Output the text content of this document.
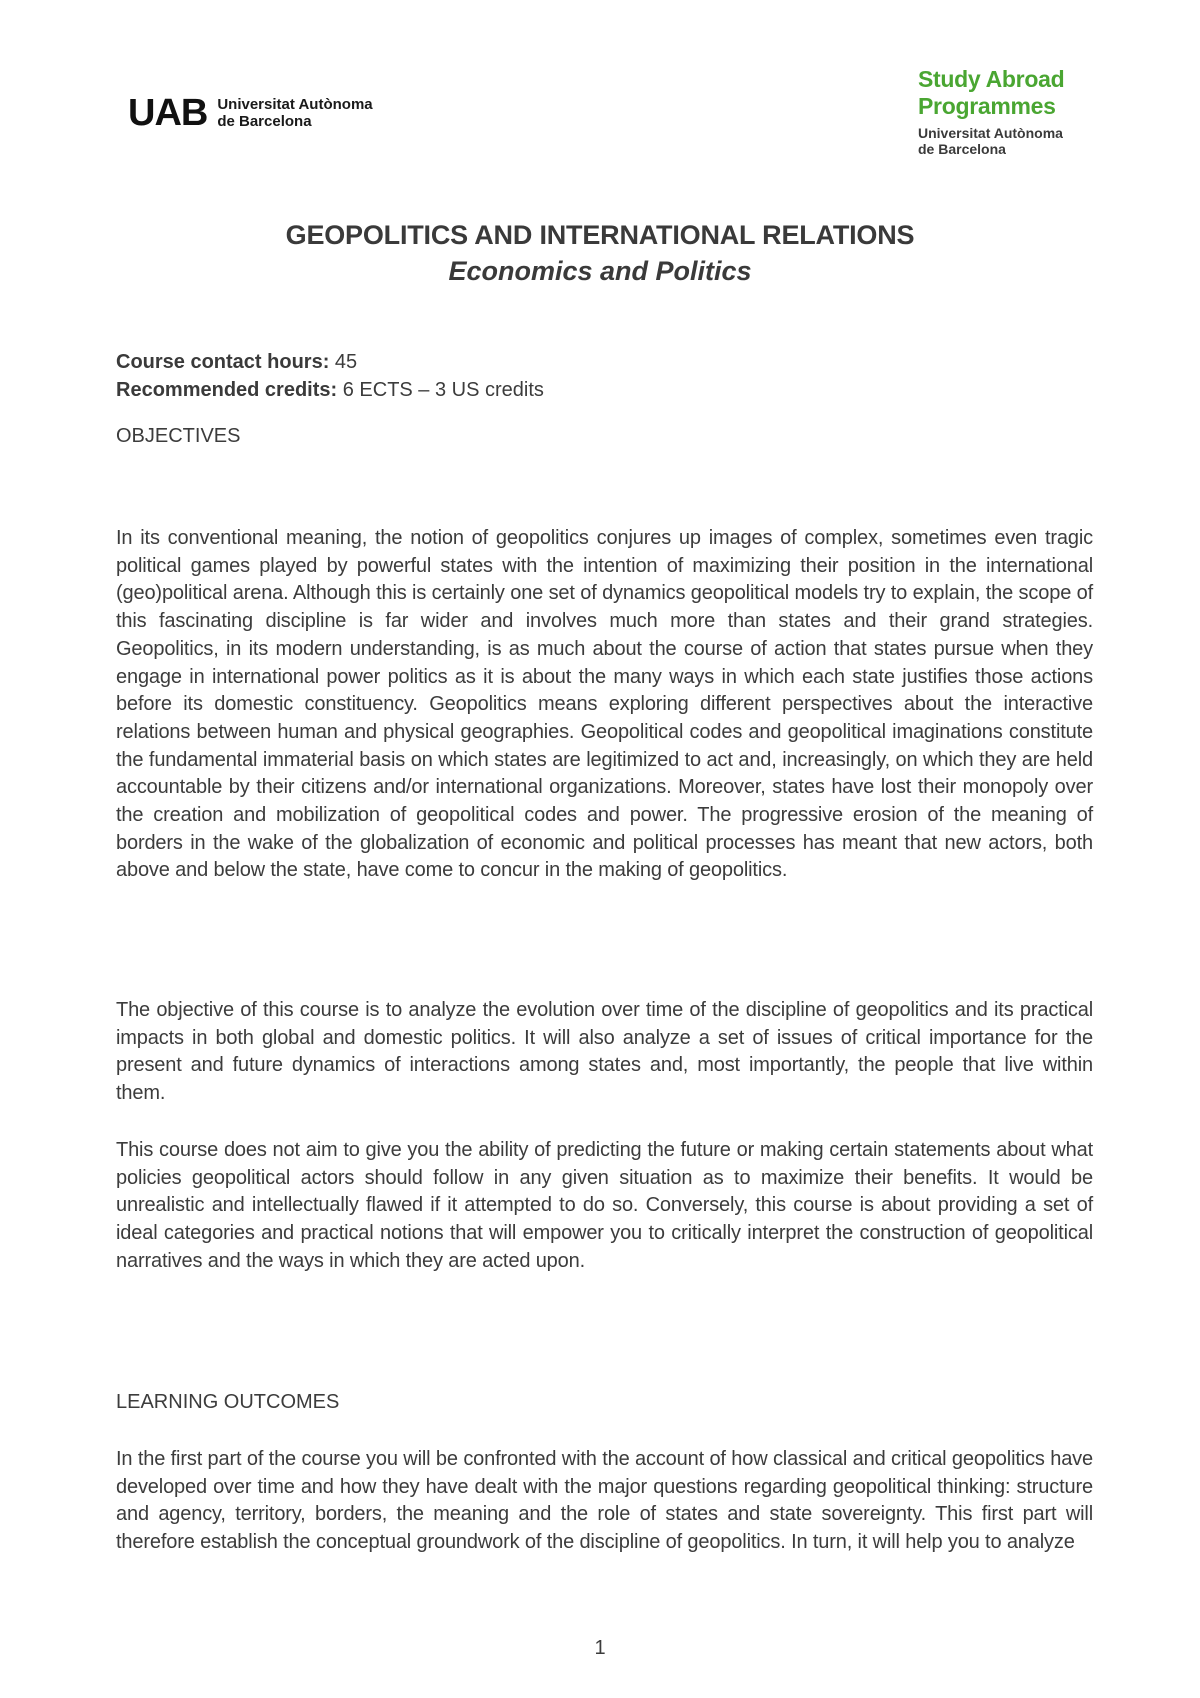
UAB Universitat Autònoma
de Barcelona
Study Abroad
Programmes
Universitat Autònoma
de Barcelona
GEOPOLITICS AND INTERNATIONAL RELATIONS
Economics and Politics
Course contact hours: 45
Recommended credits: 6 ECTS – 3 US credits

OBJECTIVES

In its conventional meaning, the notion of geopolitics conjures up images of complex, sometimes even tragic political games played by powerful states with the intention of maximizing their position in the international (geo)political arena. Although this is certainly one set of dynamics geopolitical models try to explain, the scope of this fascinating discipline is far wider and involves much more than states and their grand strategies. Geopolitics, in its modern understanding, is as much about the course of action that states pursue when they engage in international power politics as it is about the many ways in which each state justifies those actions before its domestic constituency. Geopolitics means exploring different perspectives about the interactive relations between human and physical geographies. Geopolitical codes and geopolitical imaginations constitute the fundamental immaterial basis on which states are legitimized to act and, increasingly, on which they are held accountable by their citizens and/or international organizations. Moreover, states have lost their monopoly over the creation and mobilization of geopolitical codes and power. The progressive erosion of the meaning of borders in the wake of the globalization of economic and political processes has meant that new actors, both above and below the state, have come to concur in the making of geopolitics.

The objective of this course is to analyze the evolution over time of the discipline of geopolitics and its practical impacts in both global and domestic politics. It will also analyze a set of issues of critical importance for the present and future dynamics of interactions among states and, most importantly, the people that live within them.

This course does not aim to give you the ability of predicting the future or making certain statements about what policies geopolitical actors should follow in any given situation as to maximize their benefits. It would be unrealistic and intellectually flawed if it attempted to do so. Conversely, this course is about providing a set of ideal categories and practical notions that will empower you to critically interpret the construction of geopolitical narratives and the ways in which they are acted upon.

LEARNING OUTCOMES

In the first part of the course you will be confronted with the account of how classical and critical geopolitics have developed over time and how they have dealt with the major questions regarding geopolitical thinking: structure and agency, territory, borders, the meaning and the role of states and state sovereignty. This first part will therefore establish the conceptual groundwork of the discipline of geopolitics. In turn, it will help you to analyze

1
